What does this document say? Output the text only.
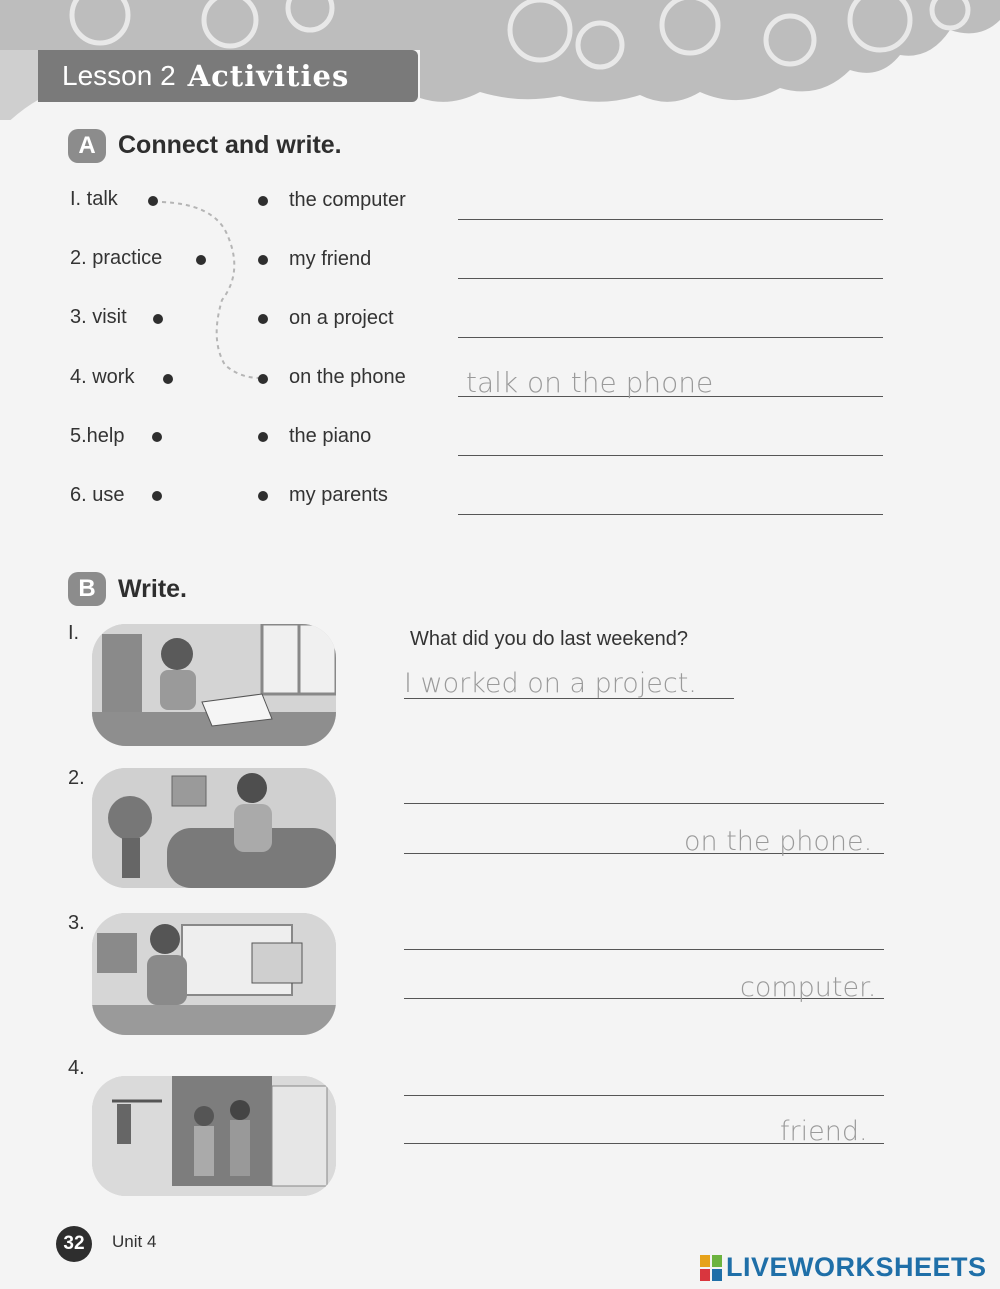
Lesson 2 Activities
A Connect and write.
I. talk
2. practice
3. visit
4. work
5.help
6. use
the computer
my friend
on a project
on the phone
the piano
my parents
talk on the phone
B Write.
What did you do last weekend?
I.
I worked on a project.
2.
on the phone.
3.
computer.
4.
friend.
32	Unit 4
LIVEWORKSHEETS
